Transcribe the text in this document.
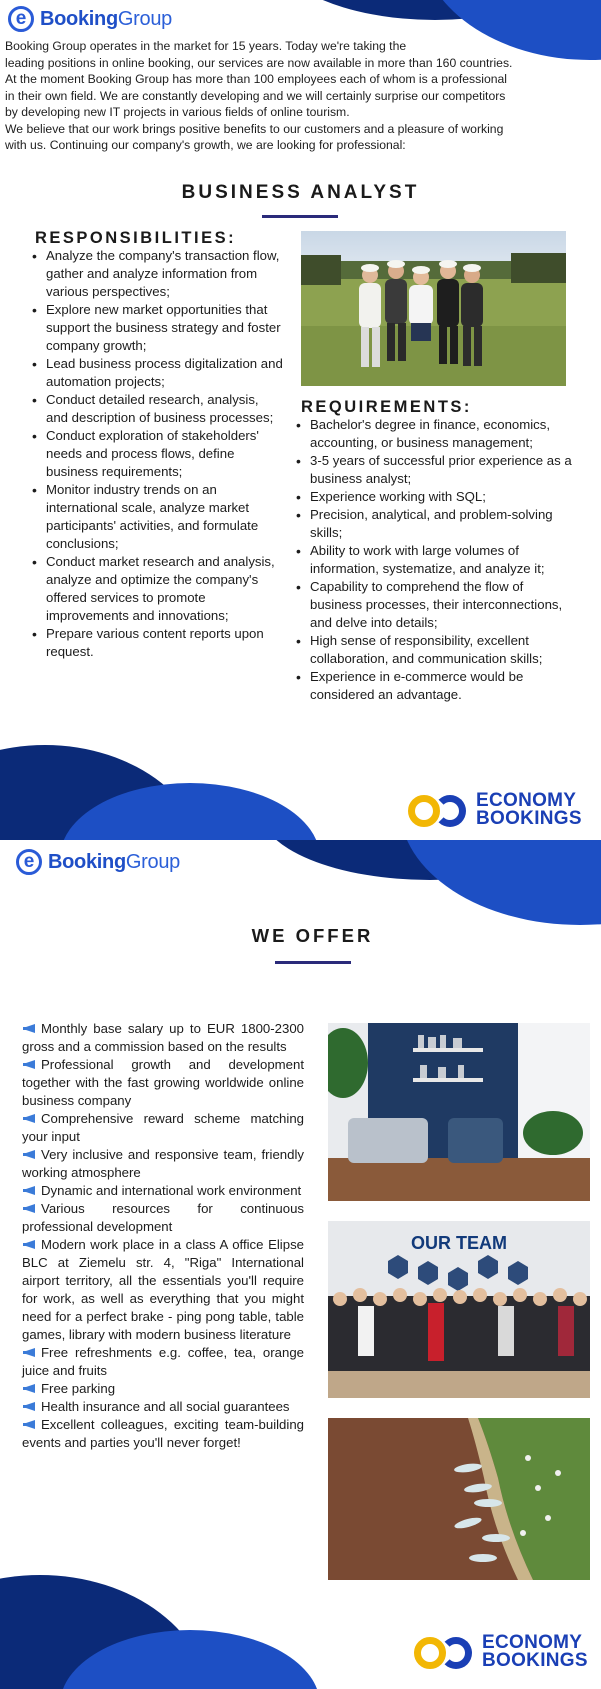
e BookingGroup

Booking Group operates in the market for 15 years. Today we're taking the

leading positions in online booking, our services are now available in more than 160 countries.

At the moment Booking Group has more than 100 employees each of whom is a professional

in their own field. We are constantly developing and we will certainly surprise our competitors

by developing new IT projects in various fields of online tourism.

We believe that our work brings positive benefits to our customers and a pleasure of working

with us. Continuing our company's growth, we are looking for professional:

BUSINESS ANALYST
RESPONSIBILITIES:
• Analyze the company's transaction flow, gather and analyze information from various perspectives;
• Explore new market opportunities that support the business strategy and foster company growth;
• Lead business process digitalization and automation projects;
• Conduct detailed research, analysis, and description of business processes;
• Conduct exploration of stakeholders' needs and process flows, define business requirements;
• Monitor industry trends on an international scale, analyze market participants' activities, and formulate conclusions;
• Conduct market research and analysis, analyze and optimize the company's offered services to promote improvements and innovations;
• Prepare various content reports upon request.
REQUIREMENTS:
• Bachelor's degree in finance, economics, accounting, or business management;
• 3-5 years of successful prior experience as a business analyst;
• Experience working with SQL;
• Precision, analytical, and problem-solving skills;
• Ability to work with large volumes of information, systematize, and analyze it;
• Capability to comprehend the flow of business processes, their interconnections, and delve into details;
• High sense of responsibility, excellent collaboration, and communication skills;
• Experience in e-commerce would be considered an advantage.
ECONOMY
BOOKINGS
e BookingGroup
WE OFFER
Monthly base salary up to EUR 1800-2300 gross and a commission based on the results
Professional growth and development together with the fast growing worldwide online business company
Comprehensive reward scheme matching your input
Very inclusive and responsive team, friendly working atmosphere
Dynamic and international work environment
Various resources for continuous professional development
Modern work place in a class A office Elipse BLC at Ziemelu str. 4, "Riga" International airport territory, all the essentials you'll require for work, as well as everything that you might need for a perfect brake - ping pong table, table games, library with modern business literature
Free refreshments e.g. coffee, tea, orange juice and fruits
Free parking
Health insurance and all social guarantees
Excellent colleagues, exciting team-building events and parties you'll never forget!
OUR TEAM
ECONOMY
BOOKINGS
